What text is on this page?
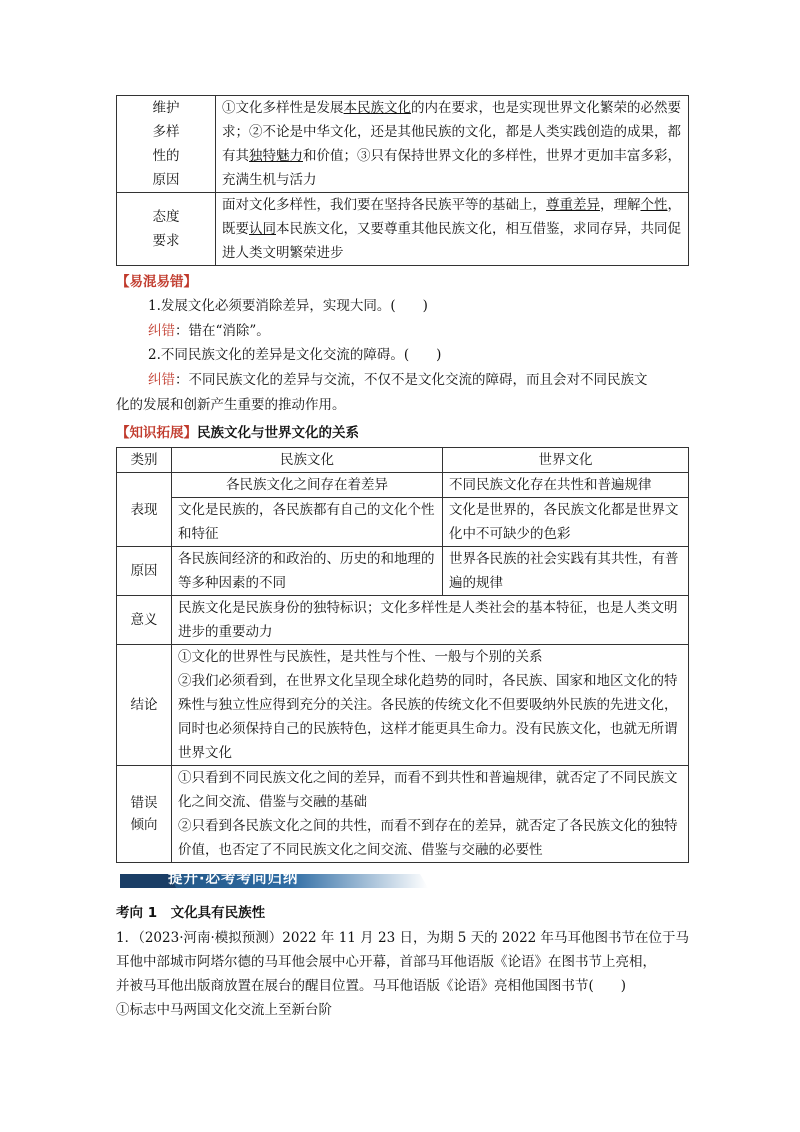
维护
多样
性的
原因	①文化多样性是发展本民族文化的内在要求，也是实现世界文化繁荣的必然要求；②不论是中华文化，还是其他民族的文化，都是人类实践创造的成果，都有其独特魅力和价值；③只有保持世界文化的多样性，世界才更加丰富多彩，充满生机与活力

态度
要求	面对文化多样性，我们要在坚持各民族平等的基础上，尊重差异，理解个性，既要认同本民族文化，又要尊重其他民族文化，相互借鉴，求同存异，共同促进人类文明繁荣进步
【易混易错】
1.发展文化必须要消除差异，实现大同。(　　)
纠错：错在“消除”。
2.不同民族文化的差异是文化交流的障碍。(　　)
纠错：不同民族文化的差异与交流，不仅不是文化交流的障碍，而且会对不同民族文
化的发展和创新产生重要的推动作用。
【知识拓展】民族文化与世界文化的关系
类别	民族文化	世界文化
表现	各民族文化之间存在着差异	不同民族文化存在共性和普遍规律
	文化是民族的，各民族都有自己的文化个性和特征	文化是世界的，各民族文化都是世界文化中不可缺少的色彩
原因	各民族间经济的和政治的、历史的和地理的等多种因素的不同	世界各民族的社会实践有其共性，有普遍的规律
意义	民族文化是民族身份的独特标识；文化多样性是人类社会的基本特征，也是人类文明进步的重要动力	
结论	①文化的世界性与民族性，是共性与个性、一般与个别的关系
②我们必须看到，在世界文化呈现全球化趋势的同时，各民族、国家和地区文化的特殊性与独立性应得到充分的关注。各民族的传统文化不但要吸纳外民族的先进文化，同时也必须保持自己的民族特色，这样才能更具生命力。没有民族文化，也就无所谓世界文化	

错误倾向	①只看到不同民族文化之间的差异，而看不到共性和普遍规律，就否定了不同民族文化之间交流、借鉴与交融的基础
②只看到各民族文化之间的共性，而看不到存在的差异，就否定了各民族文化的独特价值，也否定了不同民族文化之间交流、借鉴与交融的必要性	
提升·必考考向归纳
考向 1　文化具有民族性
1．（2023·河南·模拟预测）2022 年 11 月 23 日，为期 5 天的 2022 年马耳他图书节在位于马
耳他中部城市阿塔尔德的马耳他会展中心开幕，首部马耳他语版《论语》在图书节上亮相，
并被马耳他出版商放置在展台的醒目位置。马耳他语版《论语》亮相他国图书节(　　)
①标志中马两国文化交流上至新台阶
